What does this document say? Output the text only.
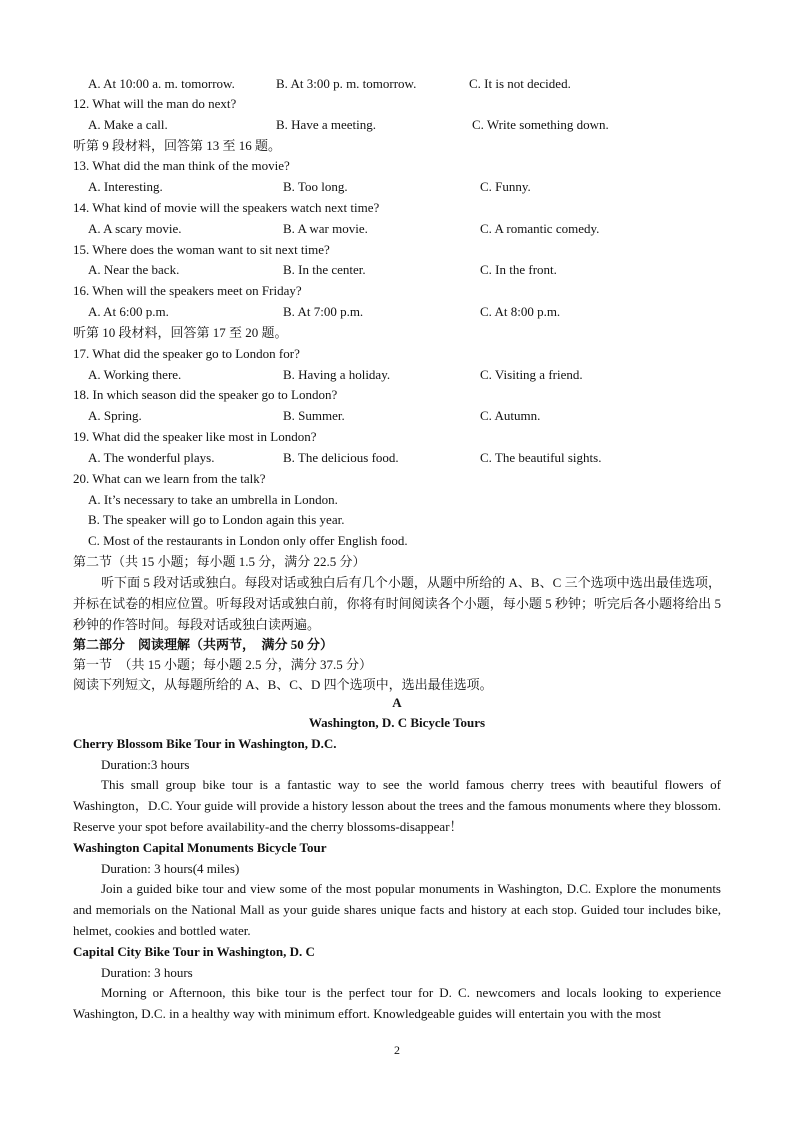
A. At 10:00 a. m. tomorrow.	B. At 3:00 p. m. tomorrow.	C. It is not decided.
12. What will the man do next?
A. Make a call.	B. Have a meeting.	C. Write something down.
听第 9 段材料，回答第 13 至 16 题。
13. What did the man think of the movie?
A. Interesting.	B. Too long.	C. Funny.
14. What kind of movie will the speakers watch next time?
A. A scary movie.	B. A war movie.	C. A romantic comedy.
15. Where does the woman want to sit next time?
A. Near the back.	B. In the center.	C. In the front.
16. When will the speakers meet on Friday?
A. At 6:00 p.m.	B. At 7:00 p.m.	C. At 8:00 p.m.
听第 10 段材料，回答第 17 至 20 题。
17. What did the speaker go to London for?
A. Working there.	B. Having a holiday.	C. Visiting a friend.
18. In which season did the speaker go to London?
A. Spring.	B. Summer.	C. Autumn.
19. What did the speaker like most in London?
A. The wonderful plays.	B. The delicious food.	C. The beautiful sights.
20. What can we learn from the talk?
A. It’s necessary to take an umbrella in London.
B. The speaker will go to London again this year.
C. Most of the restaurants in London only offer English food.
第二节（共 15 小题；每小题 1.5 分，满分 22.5 分）
听下面 5 段对话或独白。每段对话或独白后有几个小题，从题中所给的 A、B、C 三个选项中选出最佳选项，并标在试卷的相应位置。听每段对话或独白前，你将有时间阅读各个小题，每小题 5 秒钟；听完后各小题将给出 5 秒钟的作答时间。每段对话或独白读两遍。
第二部分　阅读理解（共两节，　满分 50 分）
第一节　（共 15 小题；每小题 2.5 分，满分 37.5 分）
阅读下列短文，从每题所给的 A、B、C、D 四个选项中，选出最佳选项。
A
Washington, D. C Bicycle Tours
Cherry Blossom Bike Tour in Washington, D.C.
Duration:3 hours
This small group bike tour is a fantastic way to see the world famous cherry trees with beautiful flowers of Washington，D.C. Your guide will provide a history lesson about the trees and the famous monuments where they blossom. Reserve your spot before availability-and the cherry blossoms-disappear！
Washington Capital Monuments Bicycle Tour
Duration: 3 hours(4 miles)
Join a guided bike tour and view some of the most popular monuments in Washington, D.C. Explore the monuments and memorials on the National Mall as your guide shares unique facts and history at each stop. Guided tour includes bike, helmet, cookies and bottled water.
Capital City Bike Tour in Washington, D. C
Duration: 3 hours
Morning or Afternoon, this bike tour is the perfect tour for D. C. newcomers and locals looking to experience Washington, D.C. in a healthy way with minimum effort. Knowledgeable guides will entertain you with the most
2
